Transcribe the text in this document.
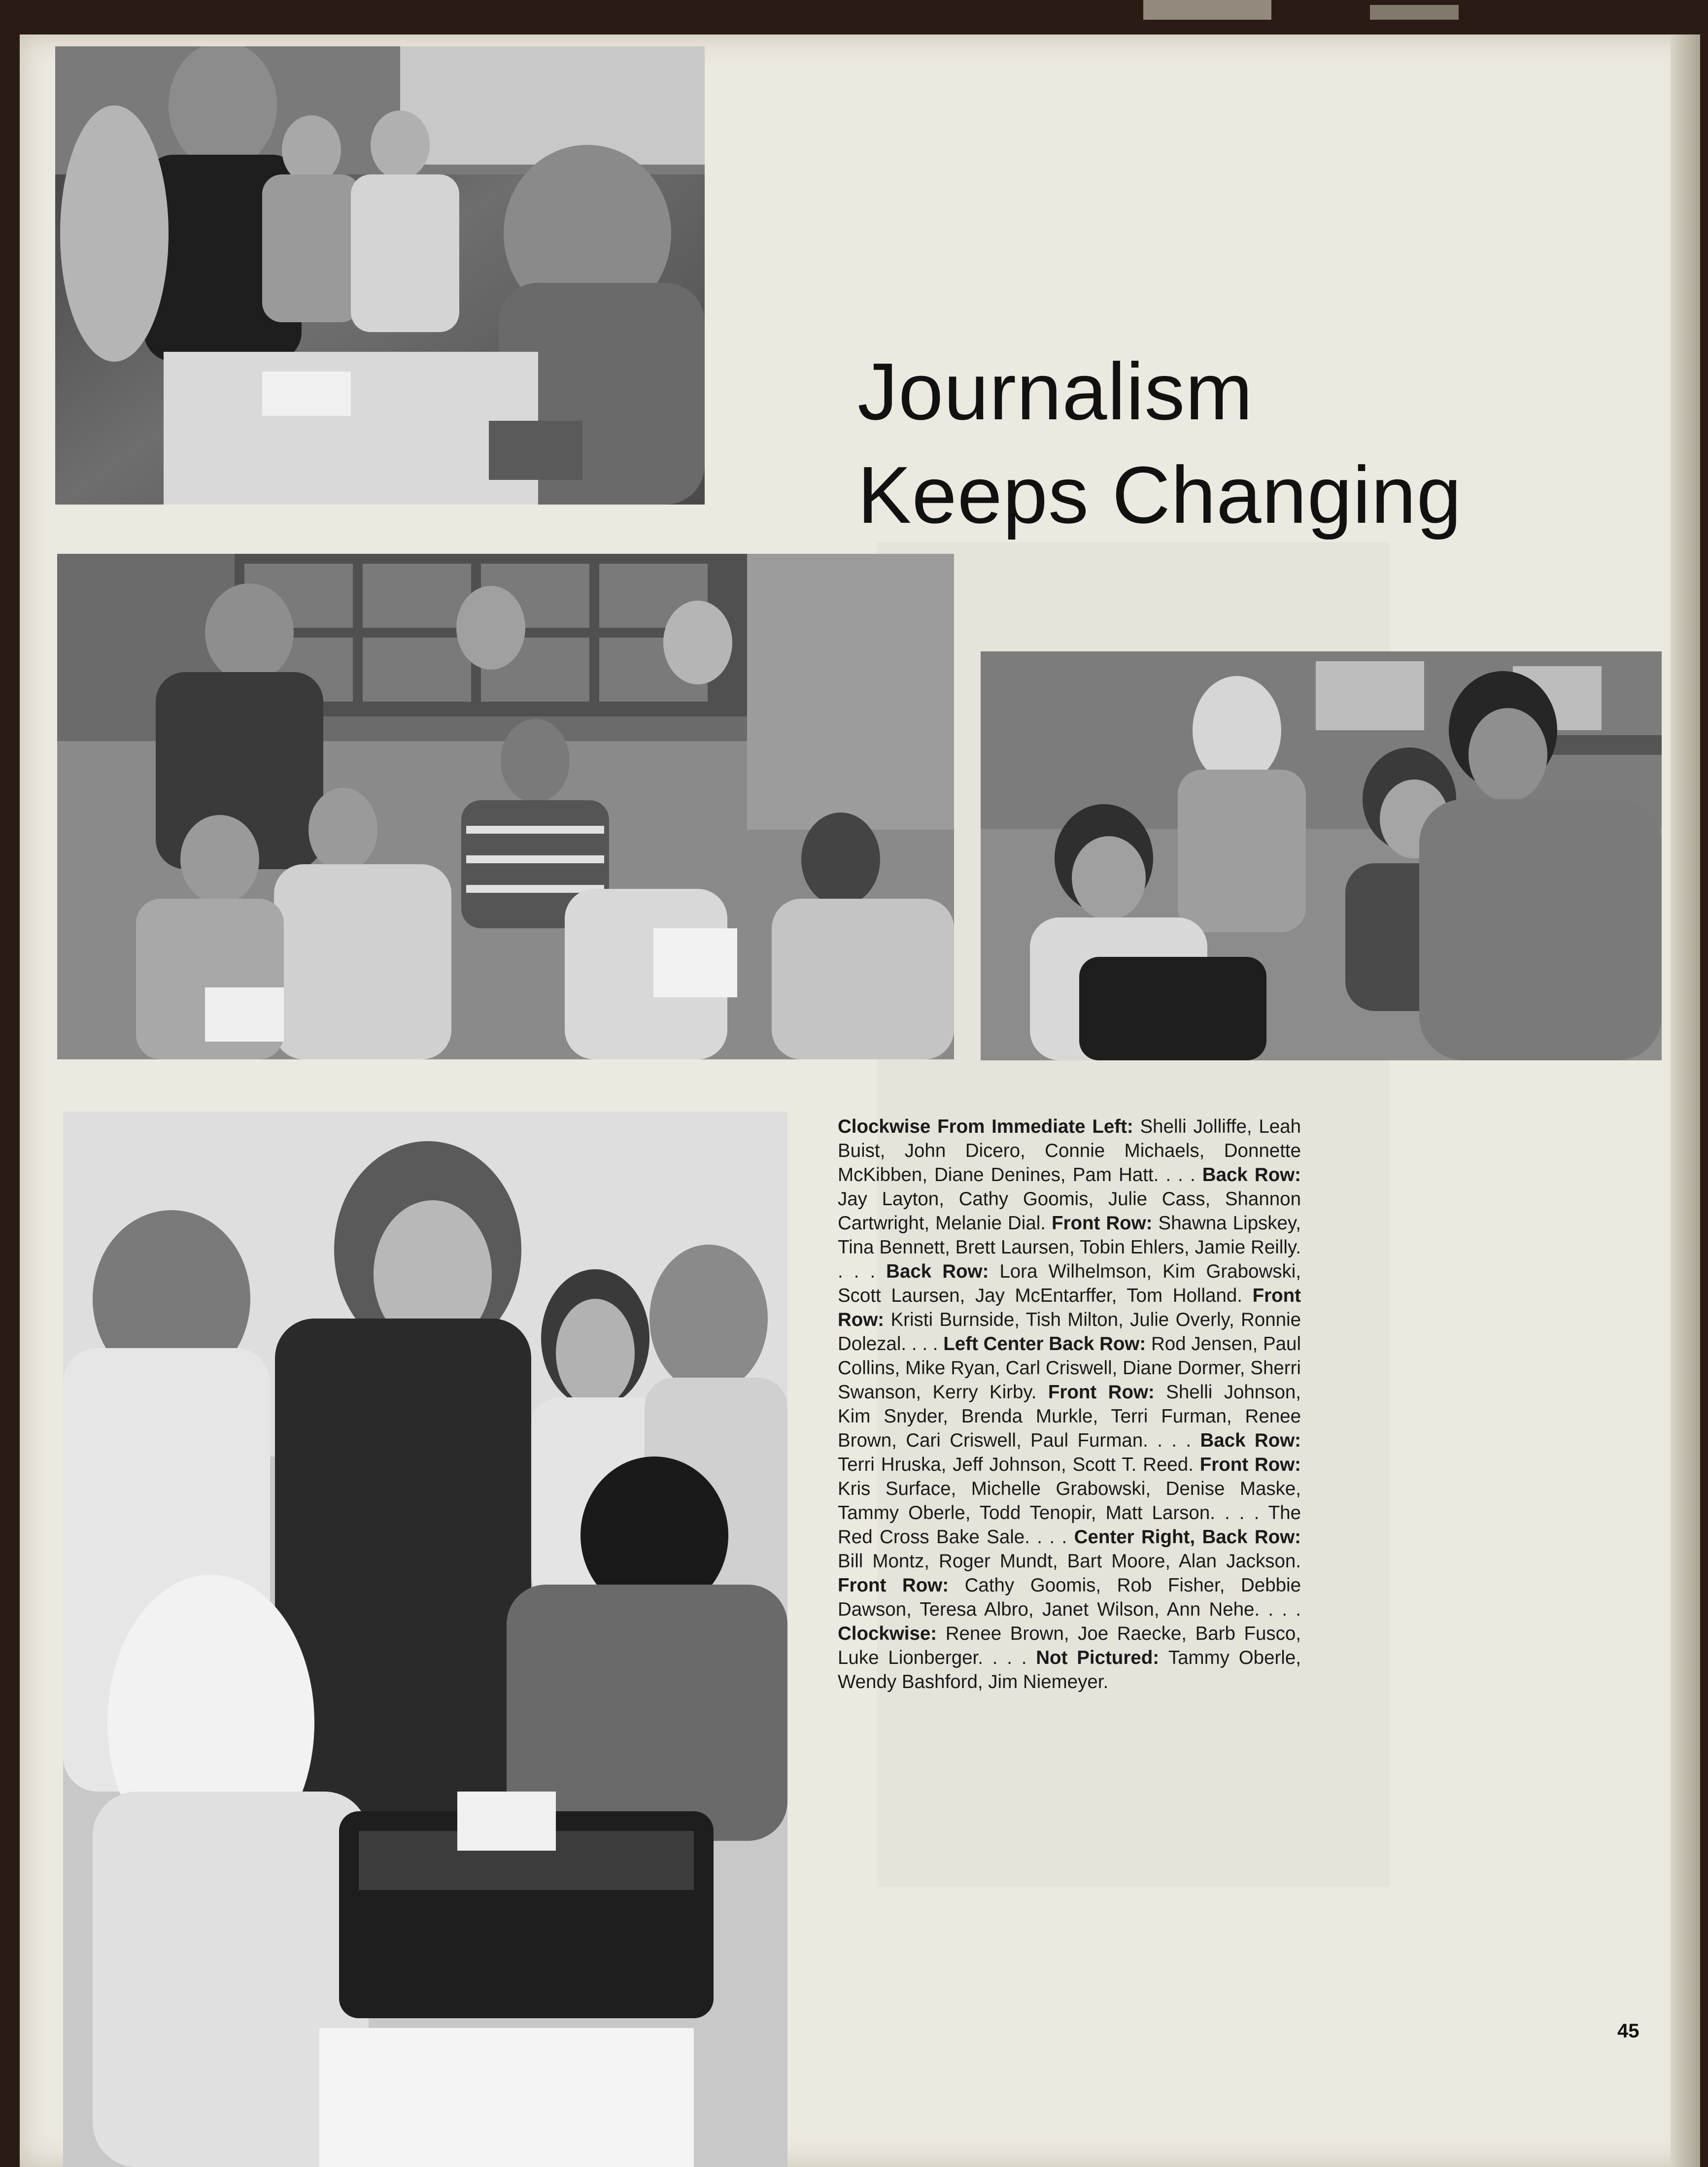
Journalism
Keeps Changing

Clockwise From Immediate Left: Shelli Jolliffe, Leah Buist, John Dicero, Connie Michaels, Donnette McKibben, Diane Denines, Pam Hatt. . . . Back Row: Jay Layton, Cathy Goomis, Julie Cass, Shannon Cartwright, Melanie Dial. Front Row: Shawna Lipskey, Tina Bennett, Brett Laursen, Tobin Ehlers, Jamie Reilly. . . . Back Row: Lora Wilhelmson, Kim Grabowski, Scott Laursen, Jay McEntarffer, Tom Holland. Front Row: Kristi Burnside, Tish Milton, Julie Overly, Ronnie Dolezal. . . . Left Center Back Row: Rod Jensen, Paul Collins, Mike Ryan, Carl Criswell, Diane Dormer, Sherri Swanson, Kerry Kirby. Front Row: Shelli Johnson, Kim Snyder, Brenda Murkle, Terri Furman, Renee Brown, Cari Criswell, Paul Furman. . . . Back Row: Terri Hruska, Jeff Johnson, Scott T. Reed. Front Row: Kris Surface, Michelle Grabowski, Denise Maske, Tammy Oberle, Todd Tenopir, Matt Larson. . . . The Red Cross Bake Sale. . . . Center Right, Back Row: Bill Montz, Roger Mundt, Bart Moore, Alan Jackson. Front Row: Cathy Goomis, Rob Fisher, Debbie Dawson, Teresa Albro, Janet Wilson, Ann Nehe. . . . Clockwise: Renee Brown, Joe Raecke, Barb Fusco, Luke Lionberger. . . . Not Pictured: Tammy Oberle, Wendy Bashford, Jim Niemeyer.

45
